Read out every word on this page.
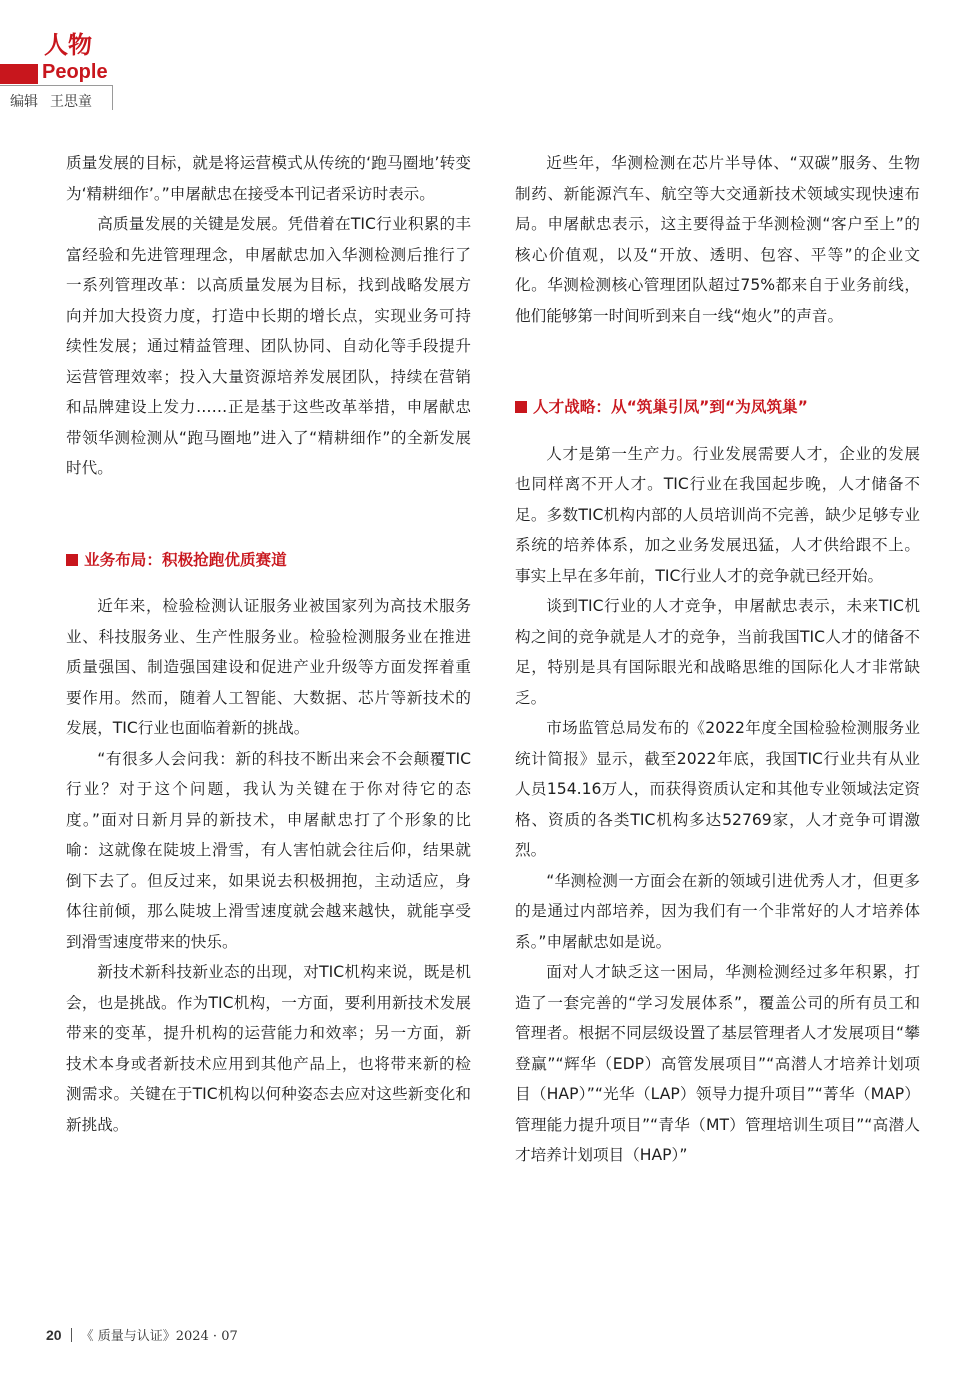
人物
People
编辑 王思童

质量发展的目标，就是将运营模式从传统的‘跑马圈地’转变为‘精耕细作’。”申屠献忠在接受本刊记者采访时表示。

高质量发展的关键是发展。凭借着在TIC行业积累的丰富经验和先进管理理念，申屠献忠加入华测检测后推行了一系列管理改革：以高质量发展为目标，找到战略发展方向并加大投资力度，打造中长期的增长点，实现业务可持续性发展；通过精益管理、团队协同、自动化等手段提升运营管理效率；投入大量资源培养发展团队，持续在营销和品牌建设上发力……正是基于这些改革举措，申屠献忠带领华测检测从“跑马圈地”进入了“精耕细作”的全新发展时代。

业务布局：积极抢跑优质赛道

近年来，检验检测认证服务业被国家列为高技术服务业、科技服务业、生产性服务业。检验检测服务业在推进质量强国、制造强国建设和促进产业升级等方面发挥着重要作用。然而，随着人工智能、大数据、芯片等新技术的发展，TIC行业也面临着新的挑战。

“有很多人会问我：新的科技不断出来会不会颠覆TIC行业？对于这个问题，我认为关键在于你对待它的态度。”面对日新月异的新技术，申屠献忠打了个形象的比喻：这就像在陡坡上滑雪，有人害怕就会往后仰，结果就倒下去了。但反过来，如果说去积极拥抱，主动适应，身体往前倾，那么陡坡上滑雪速度就会越来越快，就能享受到滑雪速度带来的快乐。

新技术新科技新业态的出现，对TIC机构来说，既是机会，也是挑战。作为TIC机构，一方面，要利用新技术发展带来的变革，提升机构的运营能力和效率；另一方面，新技术本身或者新技术应用到其他产品上，也将带来新的检测需求。关键在于TIC机构以何种姿态去应对这些新变化和新挑战。

近些年，华测检测在芯片半导体、“双碳”服务、生物制药、新能源汽车、航空等大交通新技术领域实现快速布局。申屠献忠表示，这主要得益于华测检测“客户至上”的核心价值观，以及“开放、透明、包容、平等”的企业文化。华测检测核心管理团队超过75%都来自于业务前线，他们能够第一时间听到来自一线“炮火”的声音。

人才战略：从“筑巢引凤”到“为凤筑巢”

人才是第一生产力。行业发展需要人才，企业的发展也同样离不开人才。TIC行业在我国起步晚，人才储备不足。多数TIC机构内部的人员培训尚不完善，缺少足够专业系统的培养体系，加之业务发展迅猛，人才供给跟不上。事实上早在多年前，TIC行业人才的竞争就已经开始。

谈到TIC行业的人才竞争，申屠献忠表示，未来TIC机构之间的竞争就是人才的竞争，当前我国TIC人才的储备不足，特别是具有国际眼光和战略思维的国际化人才非常缺乏。

市场监管总局发布的《2022年度全国检验检测服务业统计简报》显示，截至2022年底，我国TIC行业共有从业人员154.16万人，而获得资质认定和其他专业领域法定资格、资质的各类TIC机构多达52769家，人才竞争可谓激烈。

“华测检测一方面会在新的领域引进优秀人才，但更多的是通过内部培养，因为我们有一个非常好的人才培养体系。”申屠献忠如是说。

面对人才缺乏这一困局，华测检测经过多年积累，打造了一套完善的“学习发展体系”，覆盖公司的所有员工和管理者。根据不同层级设置了基层管理者人才发展项目“攀登赢”“辉华（EDP）高管发展项目”“高潜人才培养计划项目（HAP）”“光华（LAP）领导力提升项目”“菁华（MAP）管理能力提升项目”“青华（MT）管理培训生项目”“高潜人才培养计划项目（HAP）”

20 《 质量与认证》2024 · 07
